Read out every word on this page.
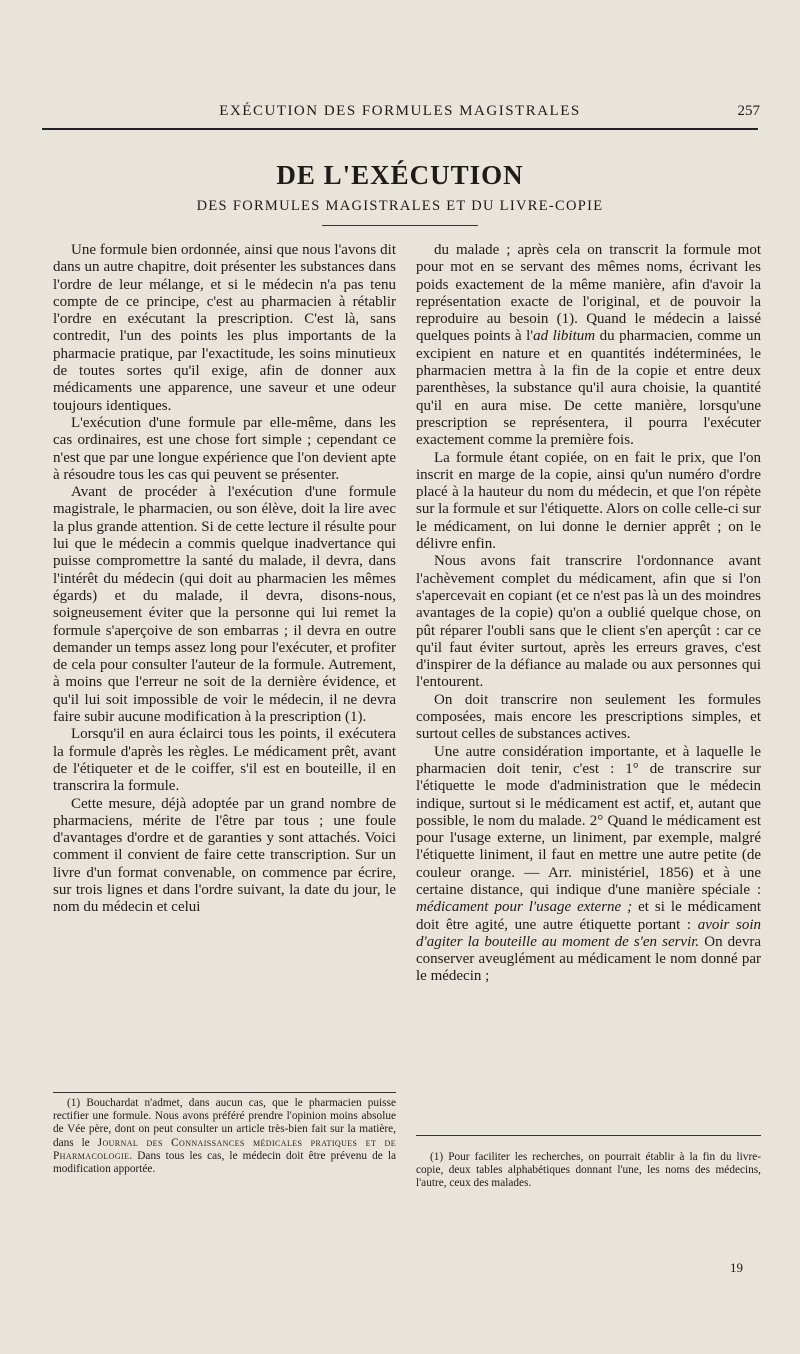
EXÉCUTION DES FORMULES MAGISTRALES	257
DE L'EXÉCUTION
DES FORMULES MAGISTRALES ET DU LIVRE-COPIE

Une formule bien ordonnée, ainsi que nous l'avons dit dans un autre chapitre, doit présenter les substances dans l'ordre de leur mélange, et si le médecin n'a pas tenu compte de ce principe, c'est au pharmacien à rétablir l'ordre en exécutant la prescription. C'est là, sans contredit, l'un des points les plus importants de la pharmacie pratique, par l'exactitude, les soins minutieux de toutes sortes qu'il exige, afin de donner aux médicaments une apparence, une saveur et une odeur toujours identiques.

L'exécution d'une formule par elle-même, dans les cas ordinaires, est une chose fort simple ; cependant ce n'est que par une longue expérience que l'on devient apte à résoudre tous les cas qui peuvent se présenter.

Avant de procéder à l'exécution d'une formule magistrale, le pharmacien, ou son élève, doit la lire avec la plus grande attention. Si de cette lecture il résulte pour lui que le médecin a commis quelque inadvertance qui puisse compromettre la santé du malade, il devra, dans l'intérêt du médecin (qui doit au pharmacien les mêmes égards) et du malade, il devra, disons-nous, soigneusement éviter que la personne qui lui remet la formule s'aperçoive de son embarras ; il devra en outre demander un temps assez long pour l'exécuter, et profiter de cela pour consulter l'auteur de la formule. Autrement, à moins que l'erreur ne soit de la dernière évidence, et qu'il lui soit impossible de voir le médecin, il ne devra faire subir aucune modification à la prescription (1).

Lorsqu'il en aura éclairci tous les points, il exécutera la formule d'après les règles. Le médicament prêt, avant de l'étiqueter et de le coiffer, s'il est en bouteille, il en transcrira la formule.

Cette mesure, déjà adoptée par un grand nombre de pharmaciens, mérite de l'être par tous ; une foule d'avantages d'ordre et de garanties y sont attachés. Voici comment il convient de faire cette transcription. Sur un livre d'un format convenable, on commence par écrire, sur trois lignes et dans l'ordre suivant, la date du jour, le nom du médecin et celui

du malade ; après cela on transcrit la formule mot pour mot en se servant des mêmes noms, écrivant les poids exactement de la même manière, afin d'avoir la représentation exacte de l'original, et de pouvoir la reproduire au besoin (1). Quand le médecin a laissé quelques points à l'ad libitum du pharmacien, comme un excipient en nature et en quantités indéterminées, le pharmacien mettra à la fin de la copie et entre deux parenthèses, la substance qu'il aura choisie, la quantité qu'il en aura mise. De cette manière, lorsqu'une prescription se représentera, il pourra l'exécuter exactement comme la première fois.

La formule étant copiée, on en fait le prix, que l'on inscrit en marge de la copie, ainsi qu'un numéro d'ordre placé à la hauteur du nom du médecin, et que l'on répète sur la formule et sur l'étiquette. Alors on colle celle-ci sur le médicament, on lui donne le dernier apprêt ; on le délivre enfin.

Nous avons fait transcrire l'ordonnance avant l'achèvement complet du médicament, afin que si l'on s'apercevait en copiant (et ce n'est pas là un des moindres avantages de la copie) qu'on a oublié quelque chose, on pût réparer l'oubli sans que le client s'en aperçût : car ce qu'il faut éviter surtout, après les erreurs graves, c'est d'inspirer de la défiance au malade ou aux personnes qui l'entourent.

On doit transcrire non seulement les formules composées, mais encore les prescriptions simples, et surtout celles de substances actives.

Une autre considération importante, et à laquelle le pharmacien doit tenir, c'est : 1° de transcrire sur l'étiquette le mode d'administration que le médecin indique, surtout si le médicament est actif, et, autant que possible, le nom du malade. 2° Quand le médicament est pour l'usage externe, un liniment, par exemple, malgré l'étiquette liniment, il faut en mettre une autre petite (de couleur orange. — Arr. ministériel, 1856) et à une certaine distance, qui indique d'une manière spéciale : médicament pour l'usage externe ; et si le médicament doit être agité, une autre étiquette portant : avoir soin d'agiter la bouteille au moment de s'en servir. On devra conserver aveuglément au médicament le nom donné par le médecin ;

(1) Bouchardat n'admet, dans aucun cas, que le pharmacien puisse rectifier une formule. Nous avons préféré prendre l'opinion moins absolue de Vée père, dont on peut consulter un article très-bien fait sur la matière, dans le Journal des Connaissances médicales pratiques et de Pharmacologie. Dans tous les cas, le médecin doit être prévenu de la modification apportée.

(1) Pour faciliter les recherches, on pourrait établir à la fin du livre-copie, deux tables alphabétiques donnant l'une, les noms des médecins, l'autre, ceux des malades.

19
